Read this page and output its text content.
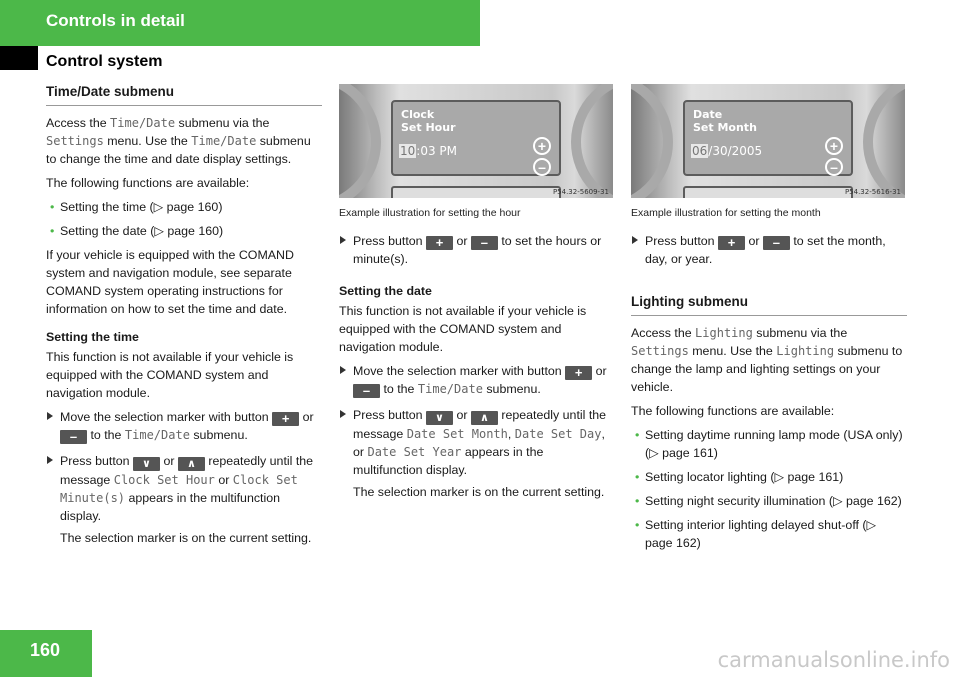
Controls in detail
Control system
Time/Date submenu

Access the Time/Date submenu via the Settings menu. Use the Time/Date submenu to change the time and date display settings.

The following functions are available:

• Setting the time (▷ page 160)
• Setting the date (▷ page 160)

If your vehicle is equipped with the COMAND system and navigation module, see separate COMAND system operating instructions for information on how to set the time and date.

Setting the time

This function is not available if your vehicle is equipped with the COMAND system and navigation module.

Move the selection marker with button + or – to the Time/Date submenu.
Press button ∨ or ∧ repeatedly until the message Clock Set Hour or Clock Set Minute(s) appears in the multifunction display.

The selection marker is on the current setting.

Clock
Set Hour
10:03 PM	+
–
P54.32-5609-31
Example illustration for setting the hour
Date
Set Month
06/30/2005	+
–
P54.32-5616-31
Example illustration for setting the month
Press button + or – to set the hours or minute(s).

Setting the date

This function is not available if your vehicle is equipped with the COMAND system and navigation module.

Move the selection marker with button + or – to the Time/Date submenu.
Press button ∨ or ∧ repeatedly until the message Date Set Month, Date Set Day, or Date Set Year appears in the multifunction display.

The selection marker is on the current setting.

Press button + or – to set the month, day, or year.
Lighting submenu

Access the Lighting submenu via the Settings menu. Use the Lighting submenu to change the lamp and lighting settings on your vehicle.

The following functions are available:

• Setting daytime running lamp mode (USA only) (▷ page 161)
• Setting locator lighting (▷ page 161)
• Setting night security illumination (▷ page 162)
• Setting interior lighting delayed shut-off (▷ page 162)
160	carmanualsonline.info
